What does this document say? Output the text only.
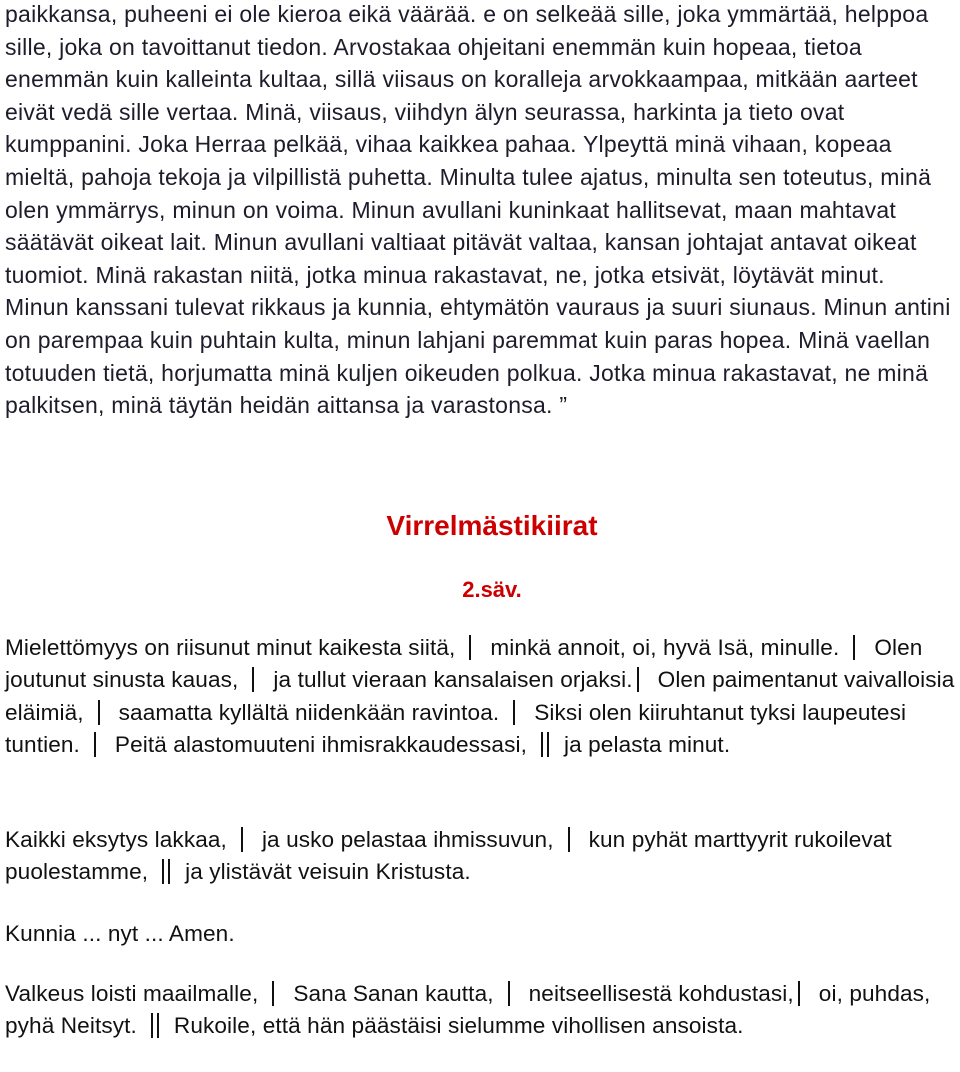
paikkansa, puheeni ei ole kieroa eikä väärää. e on selkeää sille, joka ymmärtää, helppoa sille, joka on tavoittanut tiedon. Arvostakaa ohjeitani enemmän kuin hopeaa, tietoa enemmän kuin kalleinta kultaa, sillä viisaus on koralleja arvokkaampaa, mitkään aarteet eivät vedä sille vertaa. Minä, viisaus, viihdyn älyn seurassa, harkinta ja tieto ovat kumppanini. Joka Herraa pelkää, vihaa kaikkea pahaa. Ylpeyttä minä vihaan, kopeaa mieltä, pahoja tekoja ja vilpillistä puhetta. Minulta tulee ajatus, minulta sen toteutus, minä olen ymmärrys, minun on voima. Minun avullani kuninkaat hallitsevat, maan mahtavat säätävät oikeat lait. Minun avullani valtiaat pitävät valtaa, kansan johtajat antavat oikeat tuomiot. Minä rakastan niitä, jotka minua rakastavat, ne, jotka etsivät, löytävät minut. Minun kanssani tulevat rikkaus ja kunnia, ehtymätön vauraus ja suuri siunaus. Minun antini on parempaa kuin puhtain kulta, minun lahjani paremmat kuin paras hopea. Minä vaellan totuuden tietä, horjumatta minä kuljen oikeuden polkua. Jotka minua rakastavat, ne minä palkitsen, minä täytän heidän aittansa ja varastonsa. ”

Virrelmästikiirat
2.säv.

Mielettömyys on riisunut minut kaikesta siitä, minkä annoit, oi, hyvä Isä, minulle. Olen joutunut sinusta kauas, ja tullut vieraan kansalaisen orjaksi. Olen paimentanut vaivalloisia eläimiä, saamatta kyllältä niidenkään ravintoa. Siksi olen kiiruhtanut tyksi laupeutesi tuntien. Peitä alastomuuteni ihmisrakkaudessasi, ja pelasta minut.

Kaikki eksytys lakkaa, ja usko pelastaa ihmissuvun, kun pyhät marttyyrit rukoilevat puolestamme, ja ylistävät veisuin Kristusta.

Kunnia ... nyt ... Amen.

Valkeus loisti maailmalle, Sana Sanan kautta, neitseellisestä kohdustasi, oi, puhdas, pyhä Neitsyt. Rukoile, että hän päästäisi sielumme vihollisen ansoista.
